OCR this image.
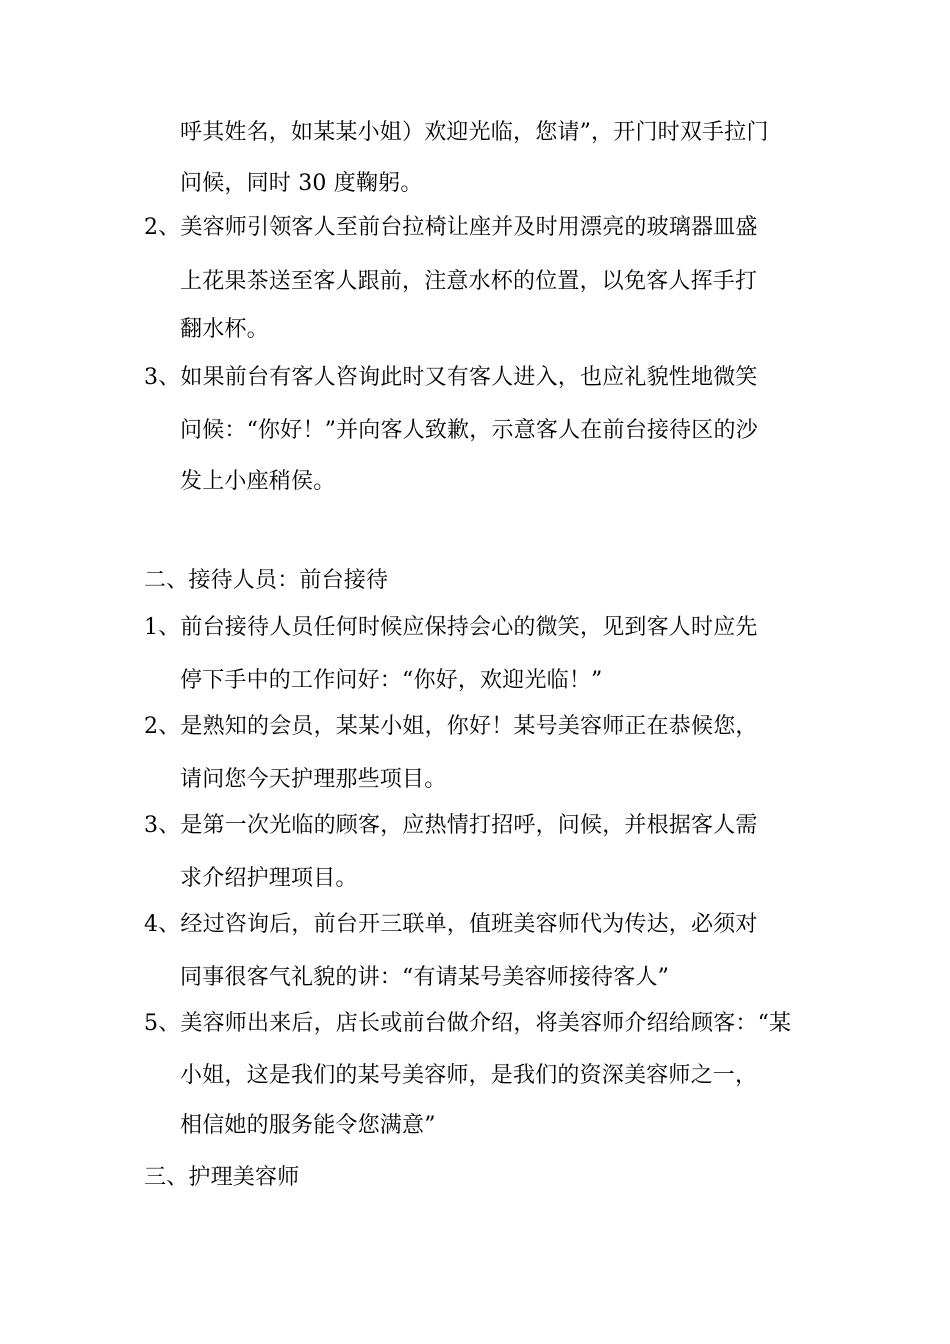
呼其姓名，如某某小姐）欢迎光临，您请”，开门时双手拉门
问候，同时 30 度鞠躬。
2、美容师引领客人至前台拉椅让座并及时用漂亮的玻璃器皿盛
上花果茶送至客人跟前，注意水杯的位置，以免客人挥手打
翻水杯。
3、如果前台有客人咨询此时又有客人进入，也应礼貌性地微笑
问候：“你好！”并向客人致歉，示意客人在前台接待区的沙
发上小座稍侯。
二、接待人员：前台接待
1、前台接待人员任何时候应保持会心的微笑，见到客人时应先
停下手中的工作问好：“你好，欢迎光临！”
2、是熟知的会员，某某小姐，你好！某号美容师正在恭候您，
请问您今天护理那些项目。
3、是第一次光临的顾客，应热情打招呼，问候，并根据客人需
求介绍护理项目。
4、经过咨询后，前台开三联单，值班美容师代为传达，必须对
同事很客气礼貌的讲：“有请某号美容师接待客人”
5、美容师出来后，店长或前台做介绍，将美容师介绍给顾客：“某
小姐，这是我们的某号美容师，是我们的资深美容师之一，
相信她的服务能令您满意”
三、护理美容师
